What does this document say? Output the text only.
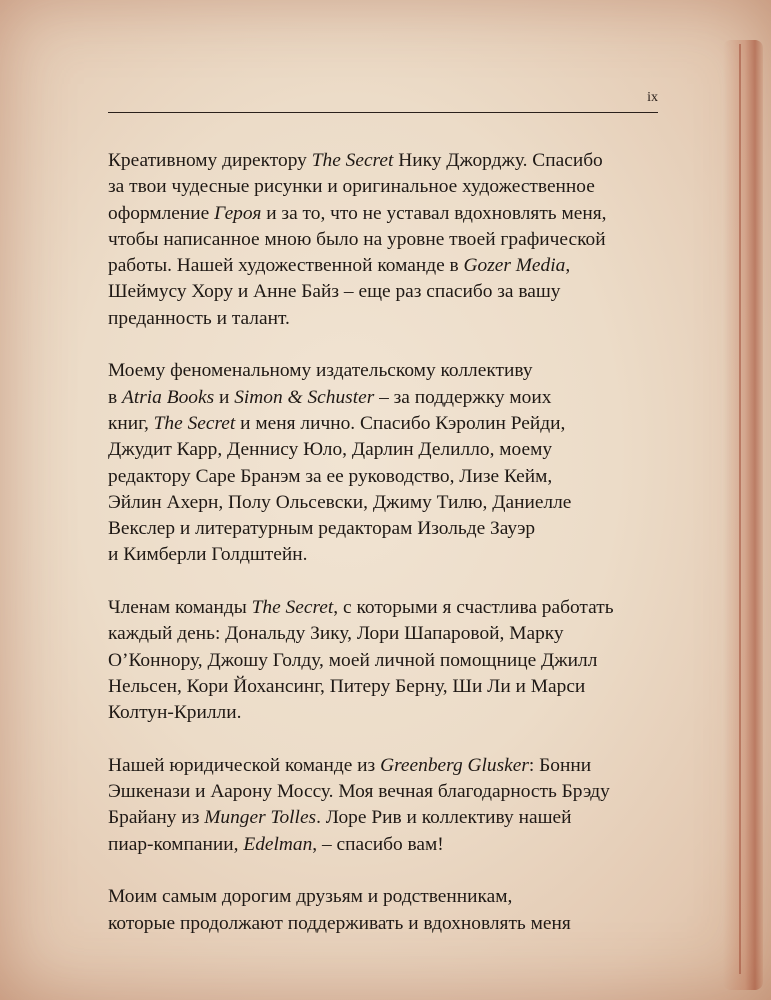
ix

Креативному директору The Secret Нику Джорджу. Спасибо
за твои чудесные рисунки и оригинальное художественное
оформление Героя и за то, что не уставал вдохновлять меня,
чтобы написанное мною было на уровне твоей графической
работы. Нашей художественной команде в Gozer Media,
Шеймусу Хору и Анне Байз – еще раз спасибо за вашу
преданность и талант.

Моему феноменальному издательскому коллективу
в Atria Books и Simon & Schuster – за поддержку моих
книг, The Secret и меня лично. Спасибо Кэролин Рейди,
Джудит Карр, Деннису Юло, Дарлин Делилло, моему
редактору Саре Бранэм за ее руководство, Лизе Кейм,
Эйлин Ахерн, Полу Ольсевски, Джиму Тилю, Даниелле
Векслер и литературным редакторам Изольде Зауэр
и Кимберли Голдштейн.

Членам команды The Secret, с которыми я счастлива работать
каждый день: Дональду Зику, Лори Шапаровой, Марку
О’Коннору, Джошу Голду, моей личной помощнице Джилл
Нельсен, Кори Йохансинг, Питеру Берну, Ши Ли и Марси
Колтун-Крилли.

Нашей юридической команде из Greenberg Glusker: Бонни
Эшкенази и Аарону Моссу. Моя вечная благодарность Брэду
Брайану из Munger Tolles. Лоре Рив и коллективу нашей
пиар-компании, Edelman, – спасибо вам!

Моим самым дорогим друзьям и родственникам,
которые продолжают поддерживать и вдохновлять меня
